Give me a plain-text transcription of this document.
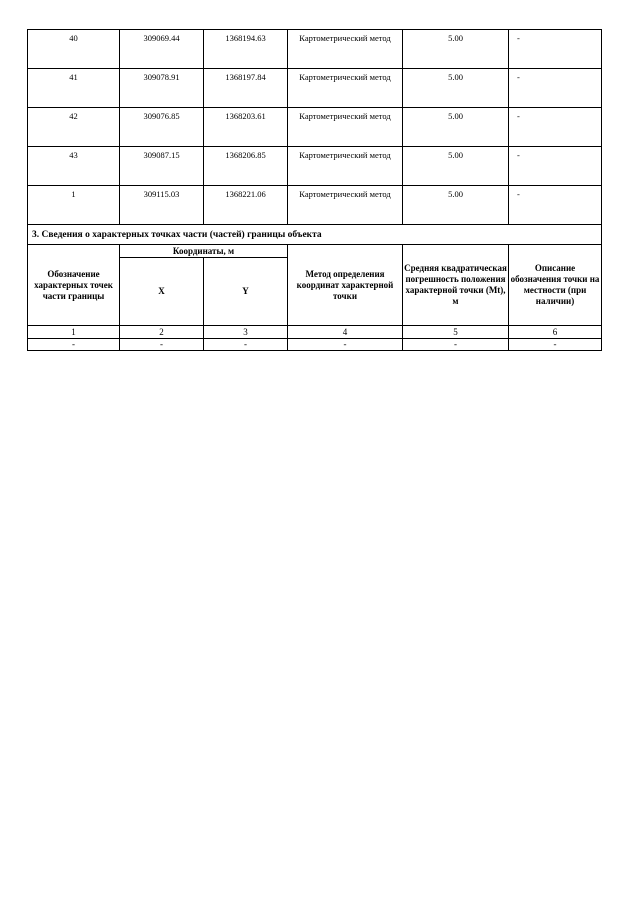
40	309069.44	1368194.63	Картометрический метод	5.00	-
41	309078.91	1368197.84	Картометрический метод	5.00	-
42	309076.85	1368203.61	Картометрический метод	5.00	-
43	309087.15	1368206.85	Картометрический метод	5.00	-
1	309115.03	1368221.06	Картометрический метод	5.00	-
3. Сведения о характерных точках части (частей) границы объекта					
Обозначение характерных точек части границы	Координаты, м		Метод определения координат характерной точки	Средняя квадратическая погрешность положения характерной точки (Mt), м	Описание обозначения точки на местности (при наличии)
	X	Y			
1	2	3	4	5	6
-	-	-	-	-	-
